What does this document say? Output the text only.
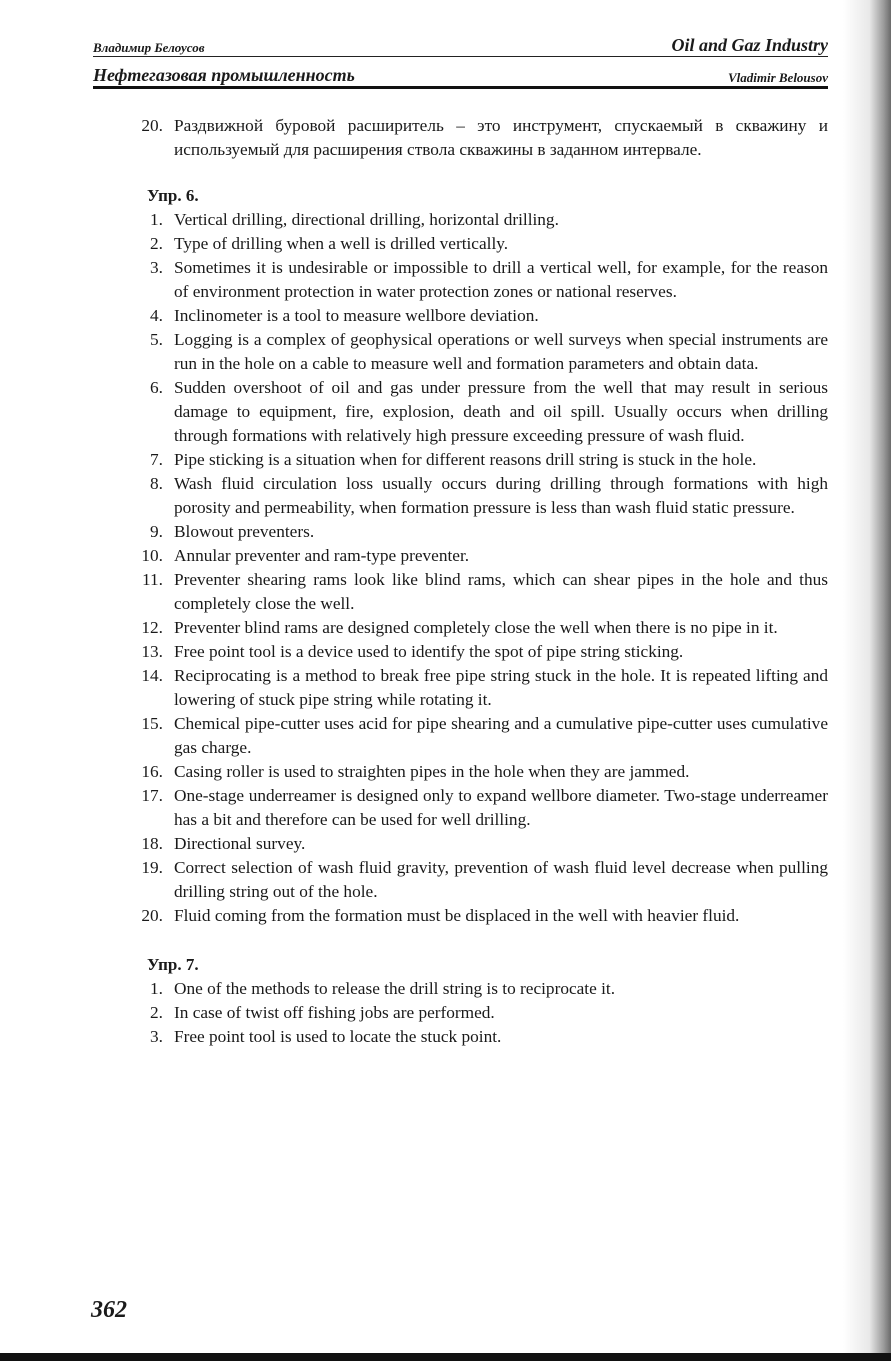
Владимир Белоусов	Oil and Gaz Industry
Нефтегазовая промышленность	Vladimir Belousov
20. Раздвижной буровой расширитель – это инструмент, спускаемый в скважину и используемый для расширения ствола скважины в заданном интервале.
Упр. 6.
1. Vertical drilling, directional drilling, horizontal drilling.
2. Type of drilling when a well is drilled vertically.
3. Sometimes it is undesirable or impossible to drill a vertical well, for example, for the reason of environment protection in water protection zones or national reserves.
4. Inclinometer is a tool to measure wellbore deviation.
5. Logging is a complex of geophysical operations or well surveys when special instruments are run in the hole on a cable to measure well and formation parameters and obtain data.
6. Sudden overshoot of oil and gas under pressure from the well that may result in serious damage to equipment, fire, explosion, death and oil spill. Usually occurs when drilling through formations with relatively high pressure exceeding pressure of wash fluid.
7. Pipe sticking is a situation when for different reasons drill string is stuck in the hole.
8. Wash fluid circulation loss usually occurs during drilling through formations with high porosity and permeability, when formation pressure is less than wash fluid static pressure.
9. Blowout preventers.
10. Annular preventer and ram-type preventer.
11. Preventer shearing rams look like blind rams, which can shear pipes in the hole and thus completely close the well.
12. Preventer blind rams are designed completely close the well when there is no pipe in it.
13. Free point tool is a device used to identify the spot of pipe string sticking.
14. Reciprocating is a method to break free pipe string stuck in the hole. It is repeated lifting and lowering of stuck pipe string while rotating it.
15. Chemical pipe-cutter uses acid for pipe shearing and a cumulative pipe-cutter uses cumulative gas charge.
16. Casing roller is used to straighten pipes in the hole when they are jammed.
17. One-stage underreamer is designed only to expand wellbore diameter. Two-stage underreamer has a bit and therefore can be used for well drilling.
18. Directional survey.
19. Correct selection of wash fluid gravity, prevention of wash fluid level decrease when pulling drilling string out of the hole.
20. Fluid coming from the formation must be displaced in the well with heavier fluid.
Упр. 7.
1. One of the methods to release the drill string is to reciprocate it.
2. In case of twist off fishing jobs are performed.
3. Free point tool is used to locate the stuck point.
362
